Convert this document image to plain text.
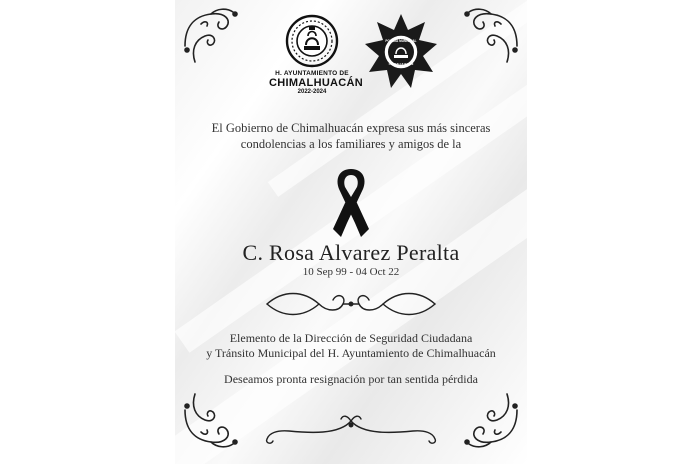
H. AYUNTAMIENTO DE
CHIMALHUACÁN
2022-2024
POLICÍA MUNICIPAL
CHIMALHUACÁN
El Gobierno de Chimalhuacán expresa sus más sinceras
condolencias a los familiares y amigos de la
C. Rosa Alvarez Peralta
10 Sep 99 - 04 Oct 22
Elemento de la Dirección de Seguridad Ciudadana
y Tránsito Municipal del H. Ayuntamiento de Chimalhuacán
Deseamos pronta resignación por tan sentida pérdida
